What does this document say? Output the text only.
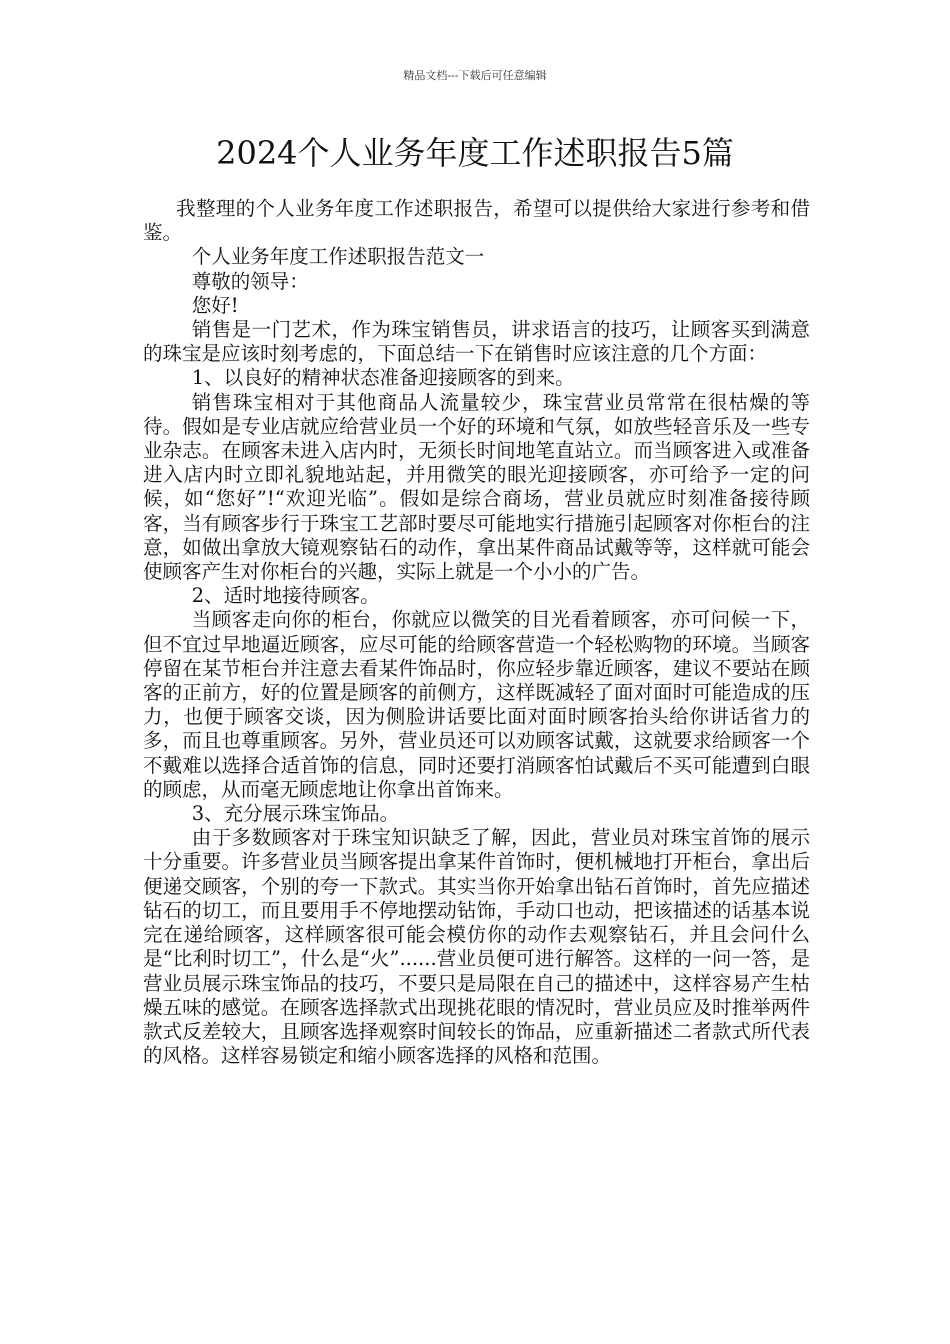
精品文档---下载后可任意编辑
2024个人业务年度工作述职报告5篇

我整理的个人业务年度工作述职报告，希望可以提供给大家进行参考和借鉴。

个人业务年度工作述职报告范文一

尊敬的领导：

您好!

销售是一门艺术，作为珠宝销售员，讲求语言的技巧，让顾客买到满意的珠宝是应该时刻考虑的，下面总结一下在销售时应该注意的几个方面：

1、以良好的精神状态准备迎接顾客的到来。

销售珠宝相对于其他商品人流量较少，珠宝营业员常常在很枯燥的等待。假如是专业店就应给营业员一个好的环境和气氛，如放些轻音乐及一些专业杂志。在顾客未进入店内时，无须长时间地笔直站立。而当顾客进入或准备进入店内时立即礼貌地站起，并用微笑的眼光迎接顾客，亦可给予一定的问候，如“您好”!“欢迎光临”。假如是综合商场，营业员就应时刻准备接待顾客，当有顾客步行于珠宝工艺部时要尽可能地实行措施引起顾客对你柜台的注意，如做出拿放大镜观察钻石的动作，拿出某件商品试戴等等，这样就可能会使顾客产生对你柜台的兴趣，实际上就是一个小小的广告。

2、适时地接待顾客。

当顾客走向你的柜台，你就应以微笑的目光看着顾客，亦可问候一下，但不宜过早地逼近顾客，应尽可能的给顾客营造一个轻松购物的环境。当顾客停留在某节柜台并注意去看某件饰品时，你应轻步靠近顾客，建议不要站在顾客的正前方，好的位置是顾客的前侧方，这样既减轻了面对面时可能造成的压力，也便于顾客交谈，因为侧脸讲话要比面对面时顾客抬头给你讲话省力的多，而且也尊重顾客。另外，营业员还可以劝顾客试戴，这就要求给顾客一个不戴难以选择合适首饰的信息，同时还要打消顾客怕试戴后不买可能遭到白眼的顾虑，从而毫无顾虑地让你拿出首饰来。

3、充分展示珠宝饰品。

由于多数顾客对于珠宝知识缺乏了解，因此，营业员对珠宝首饰的展示十分重要。许多营业员当顾客提出拿某件首饰时，便机械地打开柜台，拿出后便递交顾客，个别的夸一下款式。其实当你开始拿出钻石首饰时，首先应描述钻石的切工，而且要用手不停地摆动钻饰，手动口也动，把该描述的话基本说完在递给顾客，这样顾客很可能会模仿你的动作去观察钻石，并且会问什么是“比利时切工”，什么是“火”......营业员便可进行解答。这样的一问一答，是营业员展示珠宝饰品的技巧，不要只是局限在自己的描述中，这样容易产生枯燥五味的感觉。在顾客选择款式出现挑花眼的情况时，营业员应及时推举两件款式反差较大，且顾客选择观察时间较长的饰品，应重新描述二者款式所代表的风格。这样容易锁定和缩小顾客选择的风格和范围。
